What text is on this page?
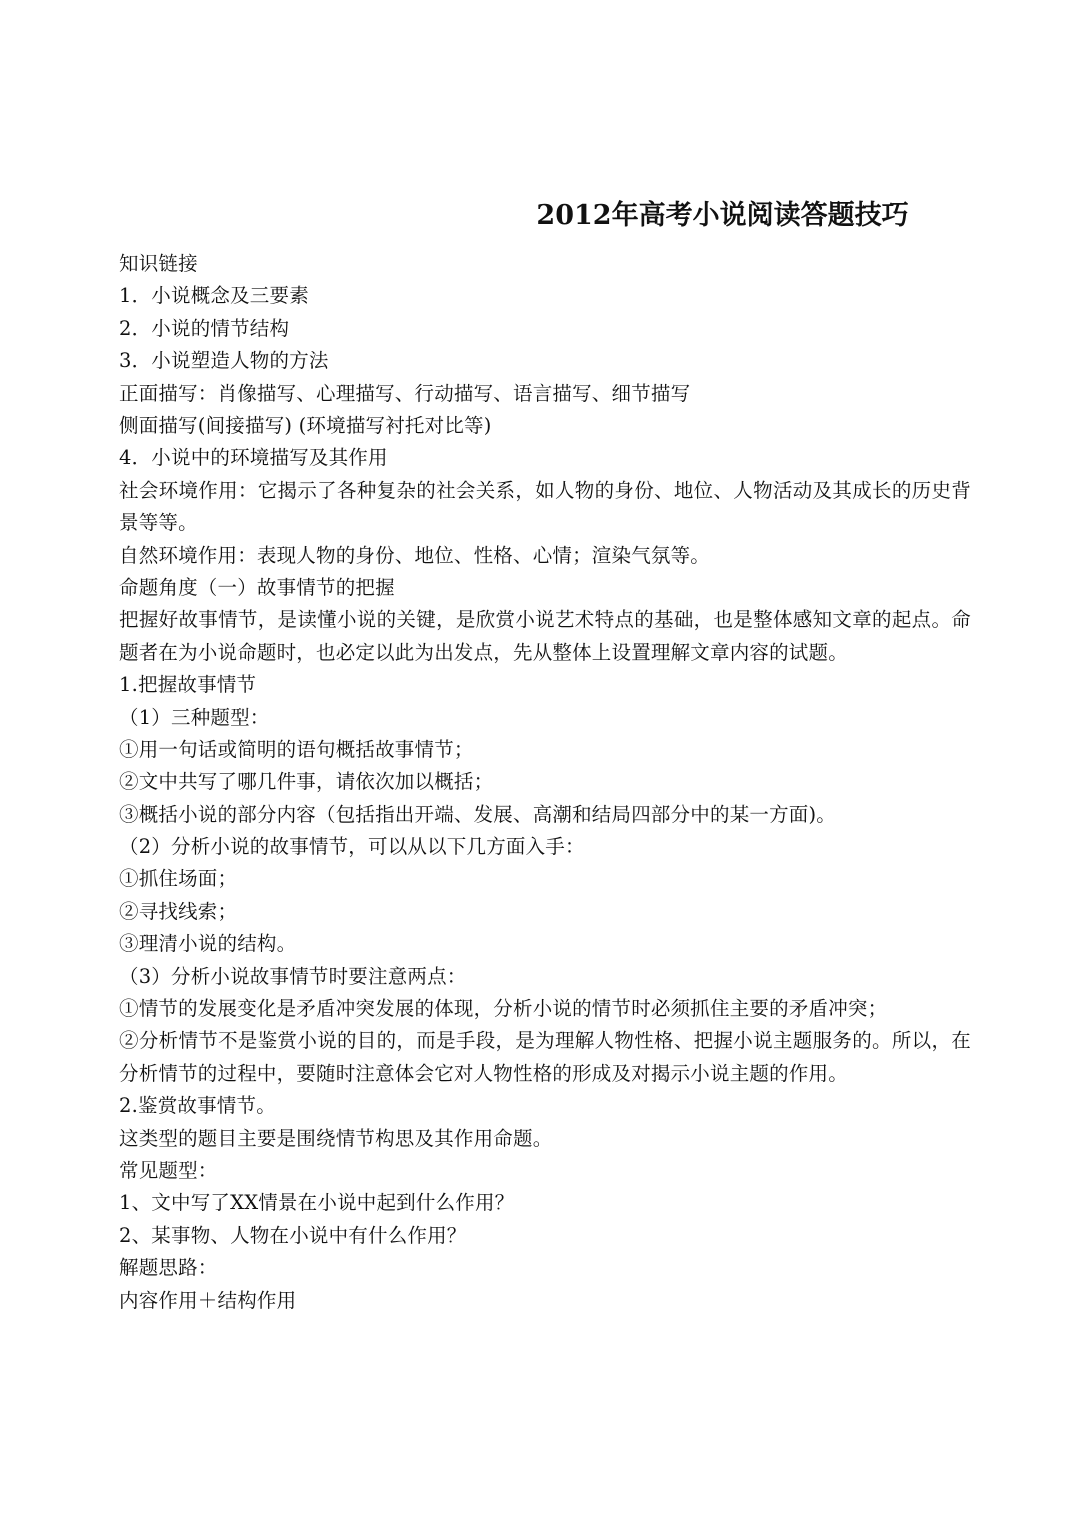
2012年高考小说阅读答题技巧
知识链接
1．小说概念及三要素
2．小说的情节结构
3．小说塑造人物的方法
正面描写：肖像描写、心理描写、行动描写、语言描写、细节描写
侧面描写(间接描写) (环境描写衬托对比等)
4．小说中的环境描写及其作用
社会环境作用：它揭示了各种复杂的社会关系，如人物的身份、地位、人物活动及其成长的历史背景等等。
自然环境作用：表现人物的身份、地位、性格、心情；渲染气氛等。
命题角度（一）故事情节的把握
把握好故事情节，是读懂小说的关键，是欣赏小说艺术特点的基础，也是整体感知文章的起点。命题者在为小说命题时，也必定以此为出发点，先从整体上设置理解文章内容的试题。
1.把握故事情节
（1）三种题型：
①用一句话或简明的语句概括故事情节；
②文中共写了哪几件事，请依次加以概括；
③概括小说的部分内容（包括指出开端、发展、高潮和结局四部分中的某一方面)。
（2）分析小说的故事情节，可以从以下几方面入手：
①抓住场面；
②寻找线索；
③理清小说的结构。
（3）分析小说故事情节时要注意两点：
①情节的发展变化是矛盾冲突发展的体现，分析小说的情节时必须抓住主要的矛盾冲突；
②分析情节不是鉴赏小说的目的，而是手段，是为理解人物性格、把握小说主题服务的。所以，在分析情节的过程中，要随时注意体会它对人物性格的形成及对揭示小说主题的作用。
2.鉴赏故事情节。
这类型的题目主要是围绕情节构思及其作用命题。
常见题型：
1、文中写了XX情景在小说中起到什么作用？
2、某事物、人物在小说中有什么作用？
解题思路：
内容作用＋结构作用
